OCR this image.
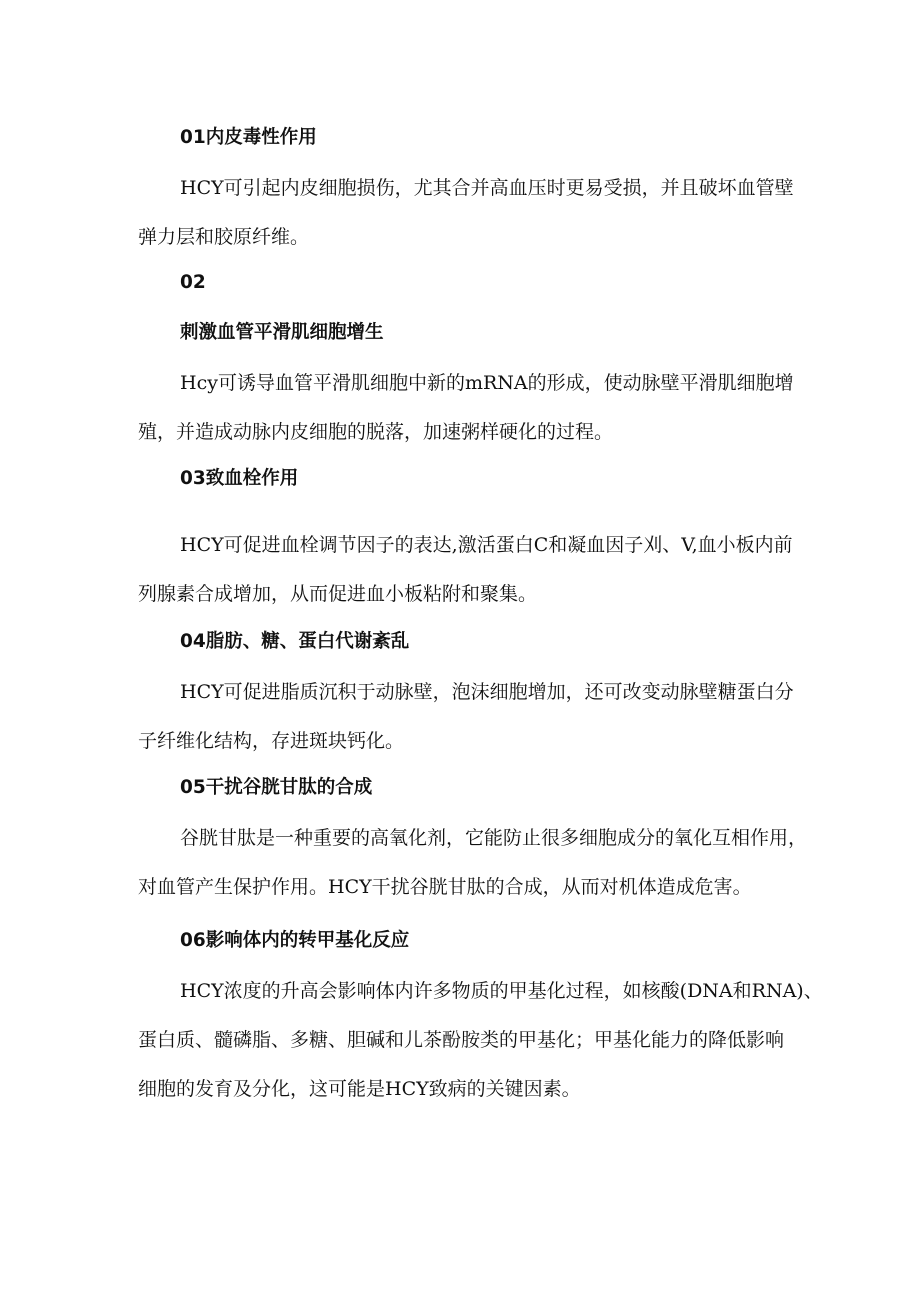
01内皮毒性作用
HCY可引起内皮细胞损伤，尤其合并高血压时更易受损，并且破坏血管壁
弹力层和胶原纤维。
02
刺激血管平滑肌细胞增生
Hcy可诱导血管平滑肌细胞中新的mRNA的形成，使动脉壁平滑肌细胞增
殖，并造成动脉内皮细胞的脱落，加速粥样硬化的过程。
03致血栓作用
HCY可促进血栓调节因子的表达,激活蛋白C和凝血因子刈、V,血小板内前
列腺素合成增加，从而促进血小板粘附和聚集。
04脂肪、糖、蛋白代谢紊乱
HCY可促进脂质沉积于动脉壁，泡沫细胞增加，还可改变动脉壁糖蛋白分
子纤维化结构，存进斑块钙化。
05干扰谷胱甘肽的合成
谷胱甘肽是一种重要的高氧化剂，它能防止很多细胞成分的氧化互相作用，
对血管产生保护作用。HCY干扰谷胱甘肽的合成，从而对机体造成危害。
06影响体内的转甲基化反应
HCY浓度的升高会影响体内许多物质的甲基化过程，如核酸(DNA和RNA)、
蛋白质、髓磷脂、多糖、胆碱和儿茶酚胺类的甲基化；甲基化能力的降低影响
细胞的发育及分化，这可能是HCY致病的关键因素。
